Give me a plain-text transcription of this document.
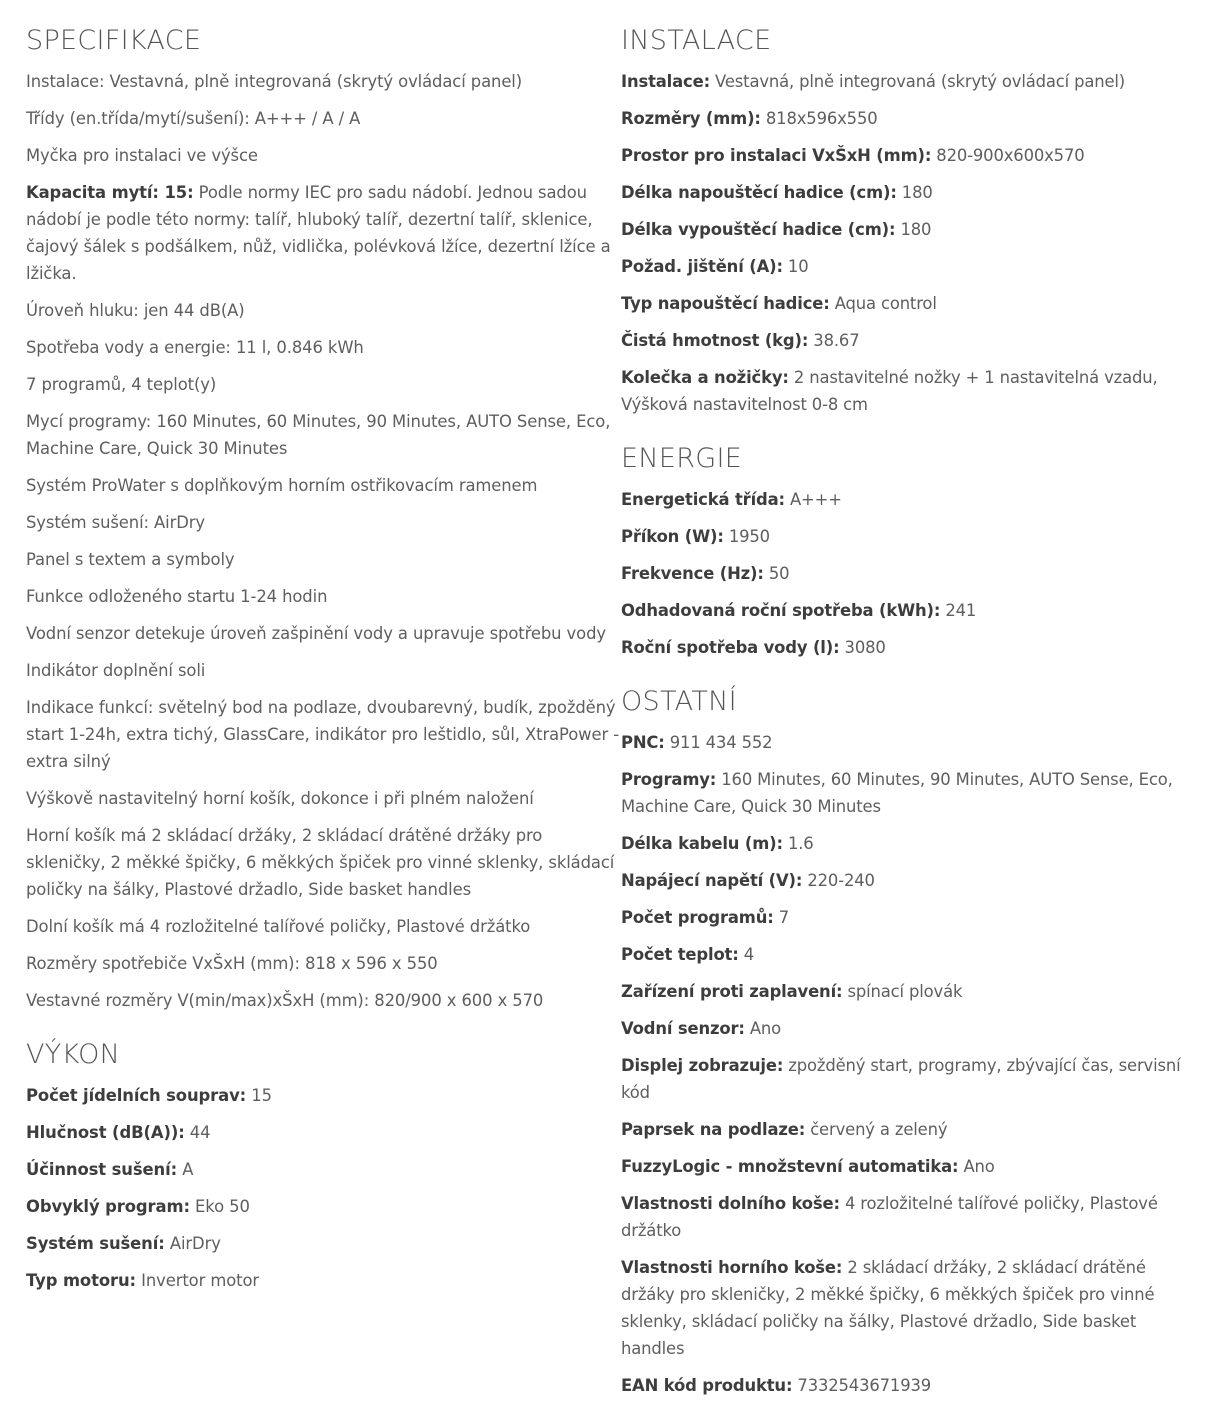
SPECIFIKACE

Instalace: Vestavná, plně integrovaná (skrytý ovládací panel)

Třídy (en.třída/mytí/sušení): A+++ / A / A

Myčka pro instalaci ve výšce

Kapacita mytí: 15: Podle normy IEC pro sadu nádobí. Jednou sadou nádobí je podle této normy: talíř, hluboký talíř, dezertní talíř, sklenice, čajový šálek s podšálkem, nůž, vidlička, polévková lžíce, dezertní lžíce a lžička.

Úroveň hluku: jen 44 dB(A)

Spotřeba vody a energie: 11 l, 0.846 kWh

7 programů, 4 teplot(y)

Mycí programy: 160 Minutes, 60 Minutes, 90 Minutes, AUTO Sense, Eco, Machine Care, Quick 30 Minutes

Systém ProWater s doplňkovým horním ostřikovacím ramenem

Systém sušení: AirDry

Panel s textem a symboly

Funkce odloženého startu 1-24 hodin

Vodní senzor detekuje úroveň zašpinění vody a upravuje spotřebu vody

Indikátor doplnění soli

Indikace funkcí: světelný bod na podlaze, dvoubarevný, budík, zpožděný start 1-24h, extra tichý, GlassCare, indikátor pro leštidlo, sůl, XtraPower - extra silný

Výškově nastavitelný horní košík, dokonce i při plném naložení

Horní košík má 2 skládací držáky, 2 skládací drátěné držáky pro skleničky, 2 měkké špičky, 6 měkkých špiček pro vinné sklenky, skládací poličky na šálky, Plastové držadlo, Side basket handles

Dolní košík má 4 rozložitelné talířové poličky, Plastové držátko

Rozměry spotřebiče VxŠxH (mm): 818 x 596 x 550

Vestavné rozměry V(min/max)xŠxH (mm): 820/900 x 600 x 570

VÝKON

Počet jídelních souprav: 15

Hlučnost (dB(A)): 44

Účinnost sušení: A

Obvyklý program: Eko 50

Systém sušení: AirDry

Typ motoru: Invertor motor

INSTALACE

Instalace: Vestavná, plně integrovaná (skrytý ovládací panel)

Rozměry (mm): 818x596x550

Prostor pro instalaci VxŠxH (mm): 820-900x600x570

Délka napouštěcí hadice (cm): 180

Délka vypouštěcí hadice (cm): 180

Požad. jištění (A): 10

Typ napouštěcí hadice: Aqua control

Čistá hmotnost (kg): 38.67

Kolečka a nožičky: 2 nastavitelné nožky + 1 nastavitelná vzadu, Výšková nastavitelnost 0-8 cm

ENERGIE

Energetická třída: A+++

Příkon (W): 1950

Frekvence (Hz): 50

Odhadovaná roční spotřeba (kWh): 241

Roční spotřeba vody (l): 3080

OSTATNÍ

PNC: 911 434 552

Programy: 160 Minutes, 60 Minutes, 90 Minutes, AUTO Sense, Eco, Machine Care, Quick 30 Minutes

Délka kabelu (m): 1.6

Napájecí napětí (V): 220-240

Počet programů: 7

Počet teplot: 4

Zařízení proti zaplavení: spínací plovák

Vodní senzor: Ano

Displej zobrazuje: zpožděný start, programy, zbývající čas, servisní kód

Paprsek na podlaze: červený a zelený

FuzzyLogic - množstevní automatika: Ano

Vlastnosti dolního koše: 4 rozložitelné talířové poličky, Plastové držátko

Vlastnosti horního koše: 2 skládací držáky, 2 skládací drátěné držáky pro skleničky, 2 měkké špičky, 6 měkkých špiček pro vinné sklenky, skládací poličky na šálky, Plastové držadlo, Side basket handles

EAN kód produktu: 7332543671939
